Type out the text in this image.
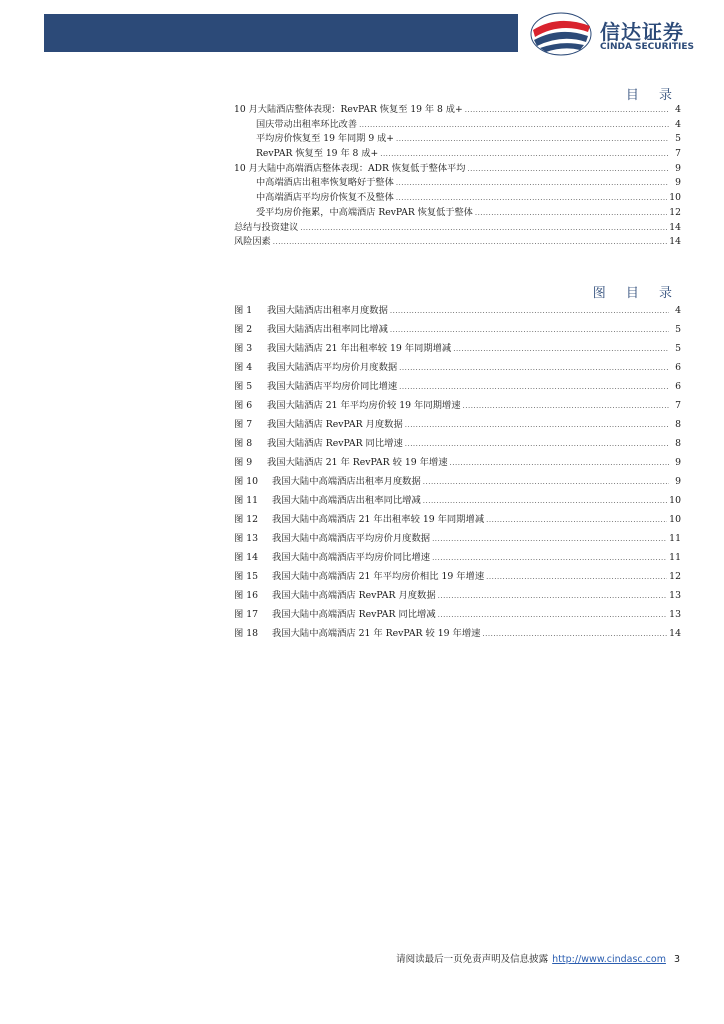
信达证券
CINDA SECURITIES
目 录
10 月大陆酒店整体表现：RevPAR 恢复至 19 年 8 成+ .....	4
国庆带动出租率环比改善 .....	4
平均房价恢复至 19 年同期 9 成+ .....	5
RevPAR 恢复至 19 年 8 成+ .....	7
10 月大陆中高端酒店整体表现：ADR 恢复低于整体平均 .....	9
中高端酒店出租率恢复略好于整体 .....	9
中高端酒店平均房价恢复不及整体 .....	10
受平均房价拖累，中高端酒店 RevPAR 恢复低于整体 .....	12
总结与投资建议 .....	14
风险因素 .....	14
图 目 录
图 1	我国大陆酒店出租率月度数据 .....	4
图 2	我国大陆酒店出租率同比增减 .....	5
图 3	我国大陆酒店 21 年出租率较 19 年同期增减 .....	5
图 4	我国大陆酒店平均房价月度数据 .....	6
图 5	我国大陆酒店平均房价同比增速 .....	6
图 6	我国大陆酒店 21 年平均房价较 19 年同期增速 .....	7
图 7	我国大陆酒店 RevPAR 月度数据 .....	8
图 8	我国大陆酒店 RevPAR 同比增速 .....	8
图 9	我国大陆酒店 21 年 RevPAR 较 19 年增速 .....	9
图 10	我国大陆中高端酒店出租率月度数据 .....	9
图 11	我国大陆中高端酒店出租率同比增减 .....	10
图 12	我国大陆中高端酒店 21 年出租率较 19 年同期增减 .....	10
图 13	我国大陆中高端酒店平均房价月度数据 .....	11
图 14	我国大陆中高端酒店平均房价同比增速 .....	11
图 15	我国大陆中高端酒店 21 年平均房价相比 19 年增速 .....	12
图 16	我国大陆中高端酒店 RevPAR 月度数据 .....	13
图 17	我国大陆中高端酒店 RevPAR 同比增减 .....	13
图 18	我国大陆中高端酒店 21 年 RevPAR 较 19 年增速 .....	14
请阅读最后一页免责声明及信息披露 http://www.cindasc.com 3
